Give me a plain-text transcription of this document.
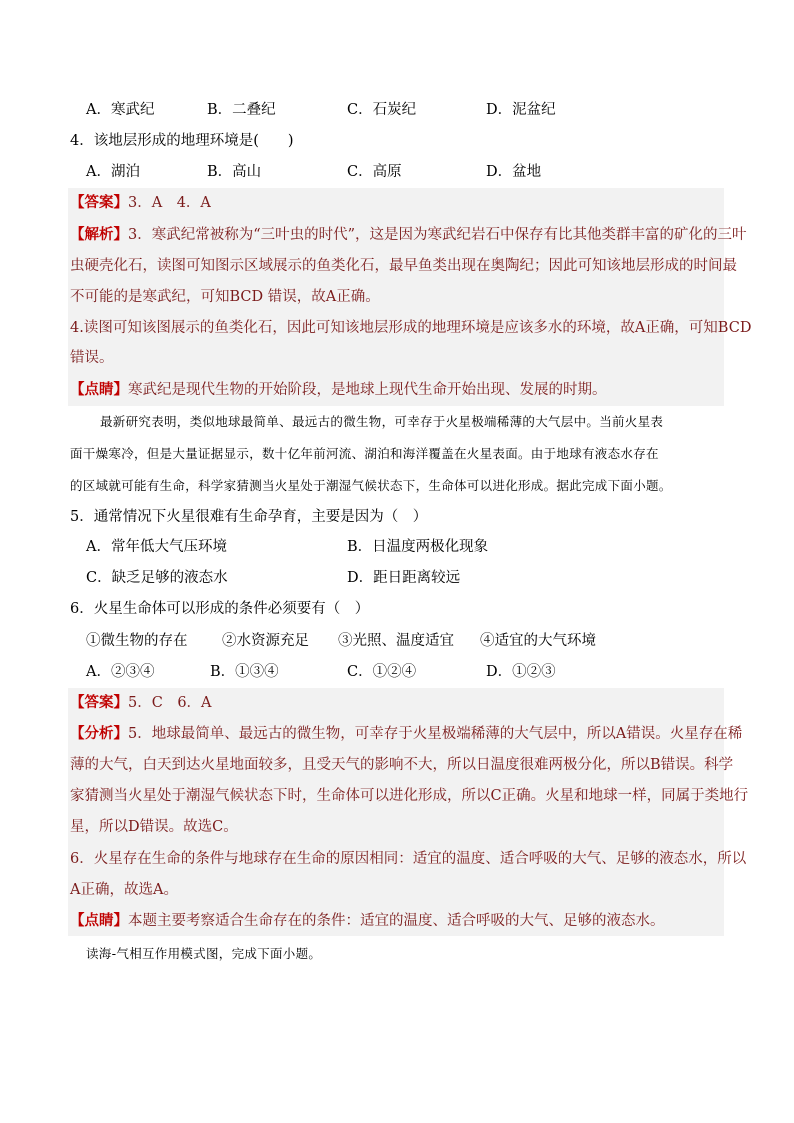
A．寒武纪	B．二叠纪	C．石炭纪	D．泥盆纪
4．该地层形成的地理环境是(　　)
A．湖泊	B．高山	C．高原	D．盆地
【答案】3．A　4．A
【解析】3．寒武纪常被称为“三叶虫的时代”，这是因为寒武纪岩石中保存有比其他类群丰富的矿化的三叶
虫硬壳化石，读图可知图示区域展示的鱼类化石，最早鱼类出现在奥陶纪；因此可知该地层形成的时间最
不可能的是寒武纪，可知BCD 错误，故A正确。
4.读图可知该图展示的鱼类化石，因此可知该地层形成的地理环境是应该多水的环境，故A正确，可知BCD
错误。
【点睛】寒武纪是现代生物的开始阶段，是地球上现代生命开始出现、发展的时期。
最新研究表明，类似地球最简单、最远古的微生物，可幸存于火星极端稀薄的大气层中。当前火星表
面干燥寒冷，但是大量证据显示，数十亿年前河流、湖泊和海洋覆盖在火星表面。由于地球有液态水存在
的区域就可能有生命，科学家猜测当火星处于潮湿气候状态下，生命体可以进化形成。据此完成下面小题。
5．通常情况下火星很难有生命孕育，主要是因为（　）
A．常年低大气压环境	B．日温度两极化现象
C．缺乏足够的液态水	D．距日距离较远
6．火星生命体可以形成的条件必须要有（　）
①微生物的存在 ②水资源充足 ③光照、温度适宜 ④适宜的大气环境
A．②③④	B．①③④	C．①②④	D．①②③
【答案】5．C　6．A
【分析】5．地球最简单、最远古的微生物，可幸存于火星极端稀薄的大气层中，所以A错误。火星存在稀
薄的大气，白天到达火星地面较多，且受天气的影响不大，所以日温度很难两极分化，所以B错误。科学
家猜测当火星处于潮湿气候状态下时，生命体可以进化形成，所以C正确。火星和地球一样，同属于类地行
星，所以D错误。故选C。
6．火星存在生命的条件与地球存在生命的原因相同：适宜的温度、适合呼吸的大气、足够的液态水，所以
A正确，故选A。
【点睛】本题主要考察适合生命存在的条件：适宜的温度、适合呼吸的大气、足够的液态水。
读海-气相互作用模式图，完成下面小题。
